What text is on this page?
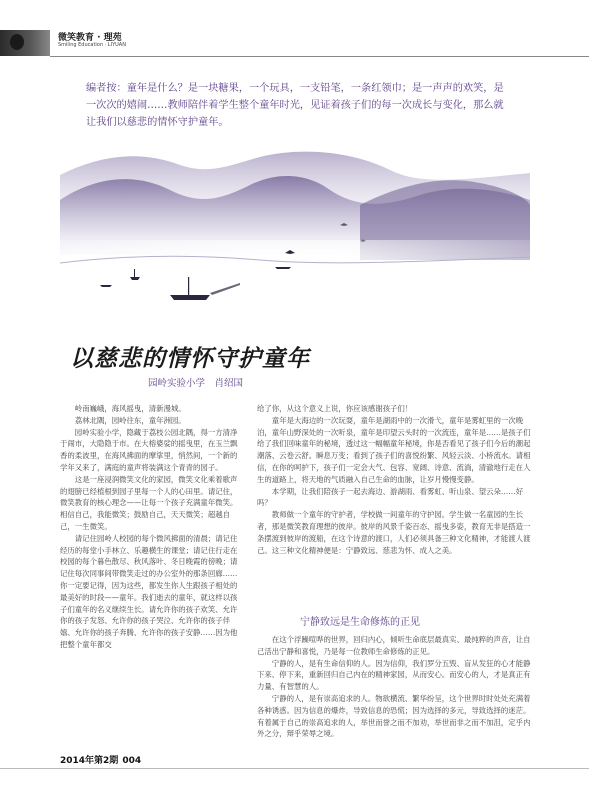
微笑教育 · 理苑
Smiling Education · LIYUAN

编者按：童年是什么？是一块糖果，一个玩具，一支铅笔，一条红领巾；是一声声的欢笑，是一次次的嬉闹……教师陪伴着学生整个童年时光，见证着孩子们的每一次成长与变化，那么就让我们以慈悲的情怀守护童年。

以慈悲的情怀守护童年
园岭实验小学　肖绍国

岭南巍峨，海风摇曳，清新漫城。

荔林北隅，园岭往东，童年洲园。

园岭实验小学，隐藏于荔枝公园北隅，得一方清净于闹市，大隐隐于市。在大榕婆娑的摇曳里，在玉兰飘香的柔波里，在海风拂面的摩挲里，悄然间，一个新的学年又来了，满庭的童声将装满这个青青的园子。

这是一座浸润微笑文化的家园，微笑文化乘着歌声的翅膀已经植根到园子里每一个人的心田里。请记住，微笑教育的核心理念——让每一个孩子充满童年微笑。相信自己，我能微笑；鼓励自己，天天微笑；超越自己，一生微笑。

请记住园岭人校园的每个微风拂面的清晨；请记住经历的每堂小手林立、乐趣横生的课堂；请记住行走在校园的每个暮色散尽、秋风落叶、冬日晚霞的傍晚；请记住每次同事间带微笑走过的办公室外的那条回廊……你一定要记得，因为这些，都发生你人生跟孩子相处的最美好的时段——童年。我们逝去的童年，就这样以孩子们童年的名义继续生长。请允许你的孩子欢笑、允许你的孩子发怒、允许你的孩子哭泣、允许你的孩子伴嬉、允许你的孩子奔腾、允许你的孩子安静……因为他把整个童年都交

给了你，从这个意义上说，你应该感谢孩子们！

童年是大海边的一次玩耍，童年是湖雨中的一次滑弋，童年是雾虹里的一次晚泊，童年山野深处的一次听泉，童年是印望云头时的一次流连，童年是……是孩子们给了我们回味童年的秘境，透过这一幅幅童年秘境，你是否看见了孩子们今后的潮起潮落、云卷云舒。瞬息万变；看到了孩子们的喜悦纷繁、风轻云淡、小桥流水。请相信，在你的呵护下，孩子们一定会大气、包容、宽阔、诗意、流淌，清澈地行走在人生的道路上，将天地的气质融入自己生命的血脉，让岁月慢慢变静。

本学期，让我们陪孩子一起去海边、游湖雨、看雾虹、听山泉、望云朵……好吗？

教师做一个童年的守护者，学校做一间童年的守护园。学生做一名童园的生长者，那是微笑教育理想的彼岸。彼岸的风景千姿百态、摇曳多姿，教育无非是搭造一条摆渡到彼岸的渡船，在这个诗意的渡口，人们必须具备三种文化精神，才能渡人渡己。这三种文化精神便是：宁静致远、慈悲为怀、成人之美。

宁静致远是生命修炼的正见

在这个浮躁喧哗的世界，回归内心，倾听生命底层最真实、最纯粹的声音，让自己活出宁静和喜悦，乃是每一位教师生命修炼的正见。

宁静的人，是有生命信仰的人。因为信仰，我们罗分五毁、盲从发狂的心才能静下来、停下来，重新回归自己内在的精神家园，从而安心。而安心的人，才是真正有力量、有智慧的人。

宁静的人，是有崇高追求的人。物欲横流、繁华纷呈，这个世界时时处处充满着各种诱惑。因为信息的爆炸，导致信息的恐慌；因为选择的多元，导致选择的迷茫。有着属于自己的崇高追求的人，举世而誉之而不加劝，举世而非之而不加沮，定乎内外之分，辩乎荣辱之境。

2014年第2期 004
